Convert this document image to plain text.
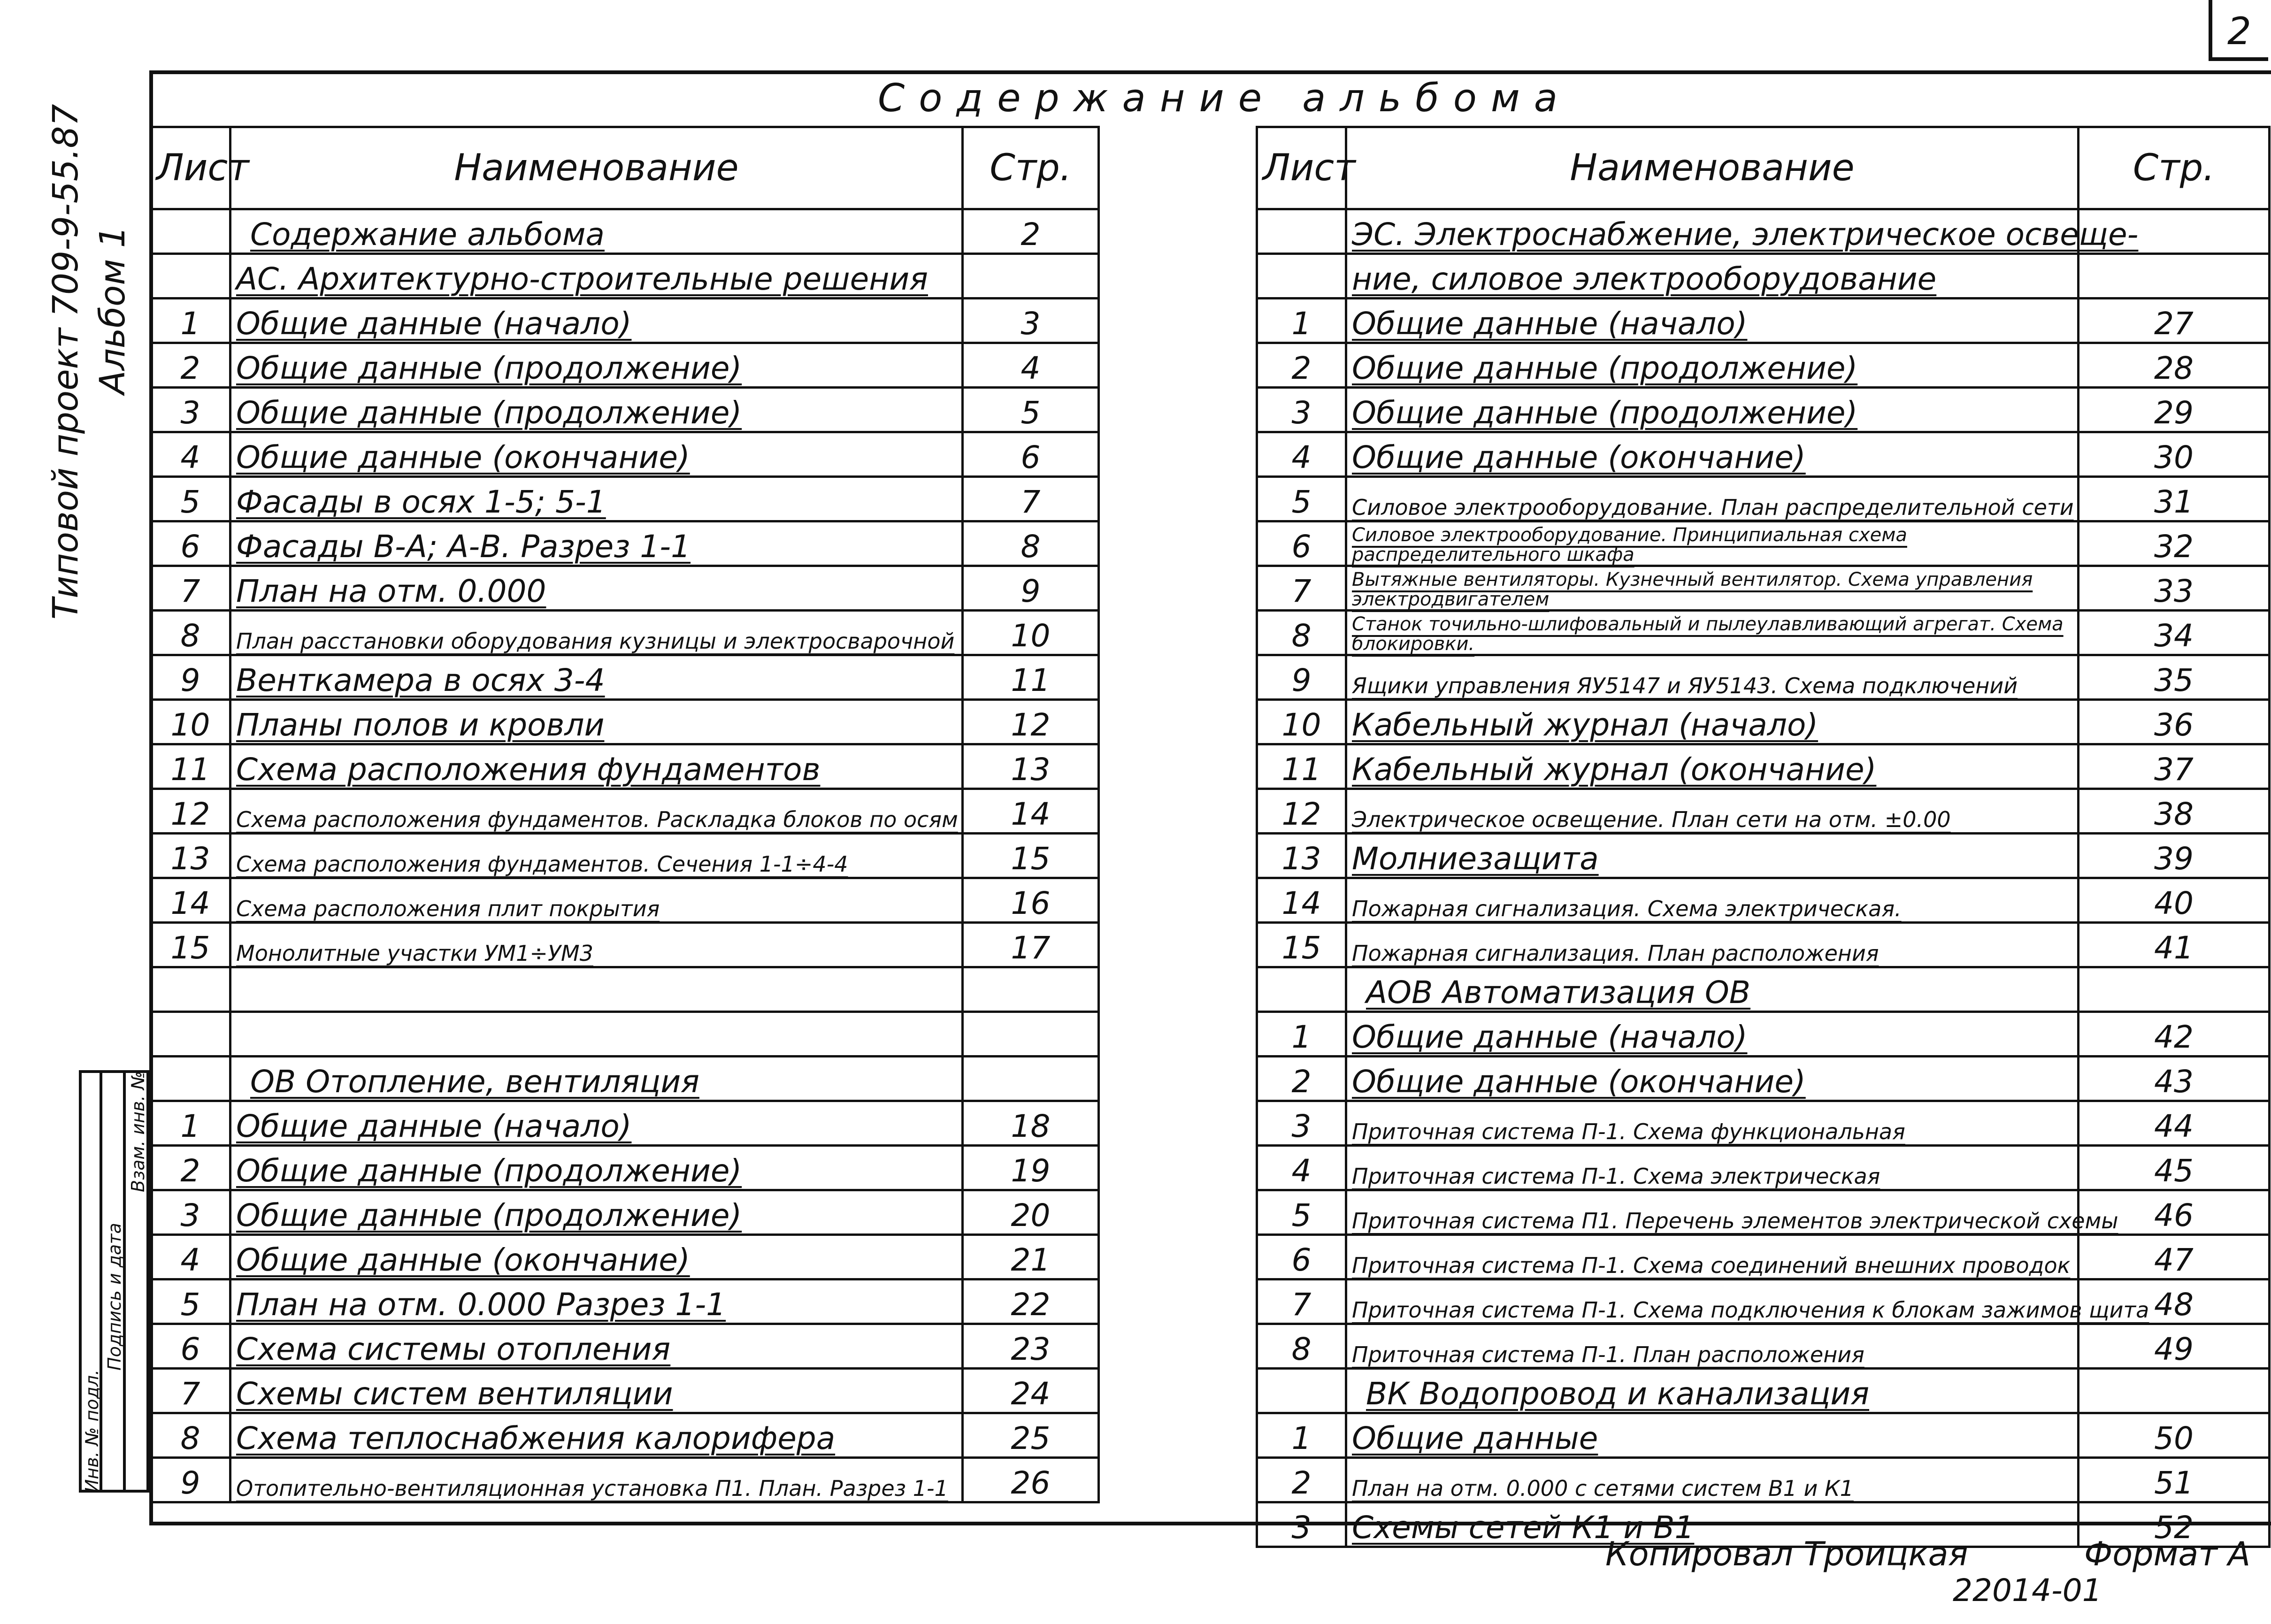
2
Типовой проект 709-9-55.87 Альбом 1
Содержание альбома
Лист	Наименование	Стр.
	Содержание альбома	2
	АС. Архитектурно-строительные решения	
1	Общие данные (начало)	3
2	Общие данные (продолжение)	4
3	Общие данные (продолжение)	5
4	Общие данные (окончание)	6
5	Фасады в осях 1-5; 5-1	7
6	Фасады В-А; А-В. Разрез 1-1	8
7	План на отм. 0.000	9
8	План расстановки оборудования кузницы и электросварочной	10
9	Венткамера в осях 3-4	11
10	Планы полов и кровли	12
11	Схема расположения фундаментов	13
12	Схема расположения фундаментов. Раскладка блоков по осям	14
13	Схема расположения фундаментов. Сечения 1-1÷4-4	15
14	Схема расположения плит покрытия	16
15	Монолитные участки УМ1÷УМ3	17

	ОВ Отопление, вентиляция	
1	Общие данные (начало)	18
2	Общие данные (продолжение)	19
3	Общие данные (продолжение)	20
4	Общие данные (окончание)	21
5	План на отм. 0.000 Разрез 1-1	22
6	Схема системы отопления	23
7	Схемы систем вентиляции	24
8	Схема теплоснабжения калорифера	25
9	Отопительно-вентиляционная установка П1. План. Разрез 1-1	26
Лист	Наименование	Стр.
	ЭС. Электроснабжение, электрическое освеще-	
	ние, силовое электрооборудование	
1	Общие данные (начало)	27
2	Общие данные (продолжение)	28
3	Общие данные (продолжение)	29
4	Общие данные (окончание)	30
5	Силовое электрооборудование. План распределительной сети	31
6	Силовое электрооборудование. Принципиальная схема распределительного шкафа	32
7	Вытяжные вентиляторы. Кузнечный вентилятор. Схема управления электродвигателем	33
8	Станок точильно-шлифовальный и пылеулавливающий агрегат. Схема блокировки.	34
9	Ящики управления ЯУ5147 и ЯУ5143. Схема подключений	35
10	Кабельный журнал (начало)	36
11	Кабельный журнал (окончание)	37
12	Электрическое освещение. План сети на отм. ±0.00	38
13	Молниезащита	39
14	Пожарная сигнализация. Схема электрическая.	40
15	Пожарная сигнализация. План расположения	41
	АОВ Автоматизация ОВ	
1	Общие данные (начало)	42
2	Общие данные (окончание)	43
3	Приточная система П-1. Схема функциональная	44
4	Приточная система П-1. Схема электрическая	45
5	Приточная система П1. Перечень элементов электрической схемы	46
6	Приточная система П-1. Схема соединений внешних проводок	47
7	Приточная система П-1. Схема подключения к блокам зажимов щита	48
8	Приточная система П-1. План расположения	49
	ВК Водопровод и канализация	
1	Общие данные	50
2	План на отм. 0.000 с сетями систем В1 и К1	51
3	Схемы сетей К1 и В1	52
Инв. № подл.
Подпись и дата
Взам. инв. №
Копировал Троицкая	Формат А
22014-01
